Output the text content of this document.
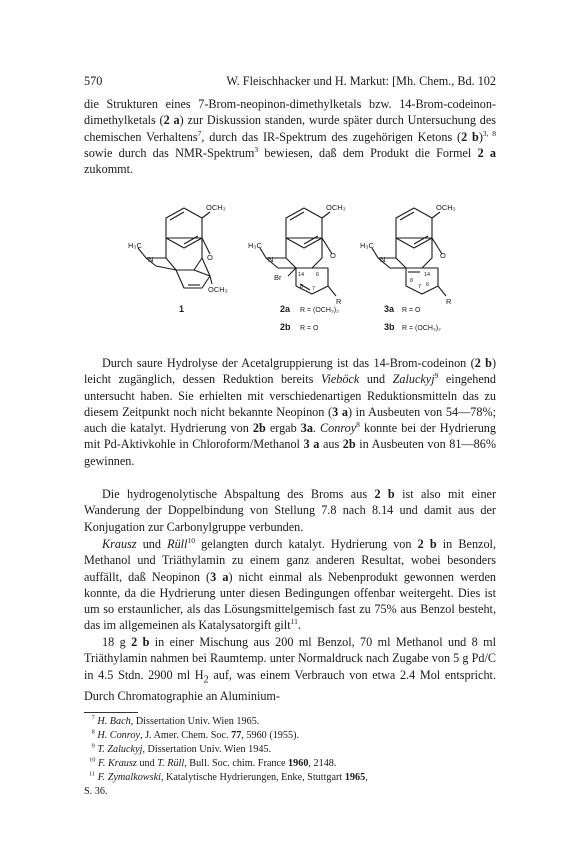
570	W. Fleischhacker und H. Markut: [Mh. Chem., Bd. 102

die Strukturen eines 7-Brom-neopinon-dimethylketals bzw. 14-Brom-codeinon-dimethylketals (2 a) zur Diskussion standen, wurde später durch Untersuchung des chemischen Verhaltens$^7$, durch das IR-Spektrum des zugehörigen Ketons (2 b)$^{3, 8}$ sowie durch das NMR-Spektrum$^3$ bewiesen, daß dem Produkt die Formel 2 a zukommt.

OCH₃
H₃C
N	O
OCH₃
OCH₃
H₃C
N	O
Br
R
14 6
8 7
OCH₃
H₃C
N	O
R
14
8
7 6
1	2a R = (OCH₃)₂
2b R = O
3a R = O
3b R = (OCH₃)₂

Durch saure Hydrolyse der Acetalgruppierung ist das 14-Brom-codeinon (2 b) leicht zugänglich, dessen Reduktion bereits Vieböck und Zaluckyj$^9$ eingehend untersucht haben. Sie erhielten mit verschiedenartigen Reduktionsmitteln das zu diesem Zeitpunkt noch nicht bekannte Neopinon (3 a) in Ausbeuten von 54—78%; auch die katalyt. Hydrierung von 2b ergab 3a. Conroy$^8$ konnte bei der Hydrierung mit Pd-Aktivkohle in Chloroform/Methanol 3 a aus 2b in Ausbeuten von 81—86% gewinnen.

Die hydrogenolytische Abspaltung des Broms aus 2 b ist also mit einer Wanderung der Doppelbindung von Stellung 7.8 nach 8.14 und damit aus der Konjugation zur Carbonylgruppe verbunden.

Krausz und Rüll$^{10}$ gelangten durch katalyt. Hydrierung von 2 b in Benzol, Methanol und Triäthylamin zu einem ganz anderen Resultat, wobei besonders auffällt, daß Neopinon (3 a) nicht einmal als Nebenprodukt gewonnen werden konnte, da die Hydrierung unter diesen Bedingungen offenbar weitergeht. Dies ist um so erstaunlicher, als das Lösungsmittelgemisch fast zu 75% aus Benzol besteht, das im allgemeinen als Katalysatorgift gilt$^{11}$.

18 g 2 b in einer Mischung aus 200 ml Benzol, 70 ml Methanol und 8 ml Triäthylamin nahmen bei Raumtemp. unter Normaldruck nach Zugabe von 5 g Pd/C in 4.5 Stdn. 2900 ml $H_2$ auf, was einem Verbrauch von etwa 2.4 Mol entspricht. Durch Chromatographie an Aluminium-

$^7$ H. Bach, Dissertation Univ. Wien 1965.

$^8$ H. Conroy, J. Amer. Chem. Soc. 77, 5960 (1955).

$^9$ T. Zaluckyj, Dissertation Univ. Wien 1945.

$^{10}$ F. Krausz und T. Rüll, Bull. Soc. chim. France 1960, 2148.

$^{11}$ F. Zymalkowski, Katalytische Hydrierungen, Enke, Stuttgart 1965,

S. 36.
